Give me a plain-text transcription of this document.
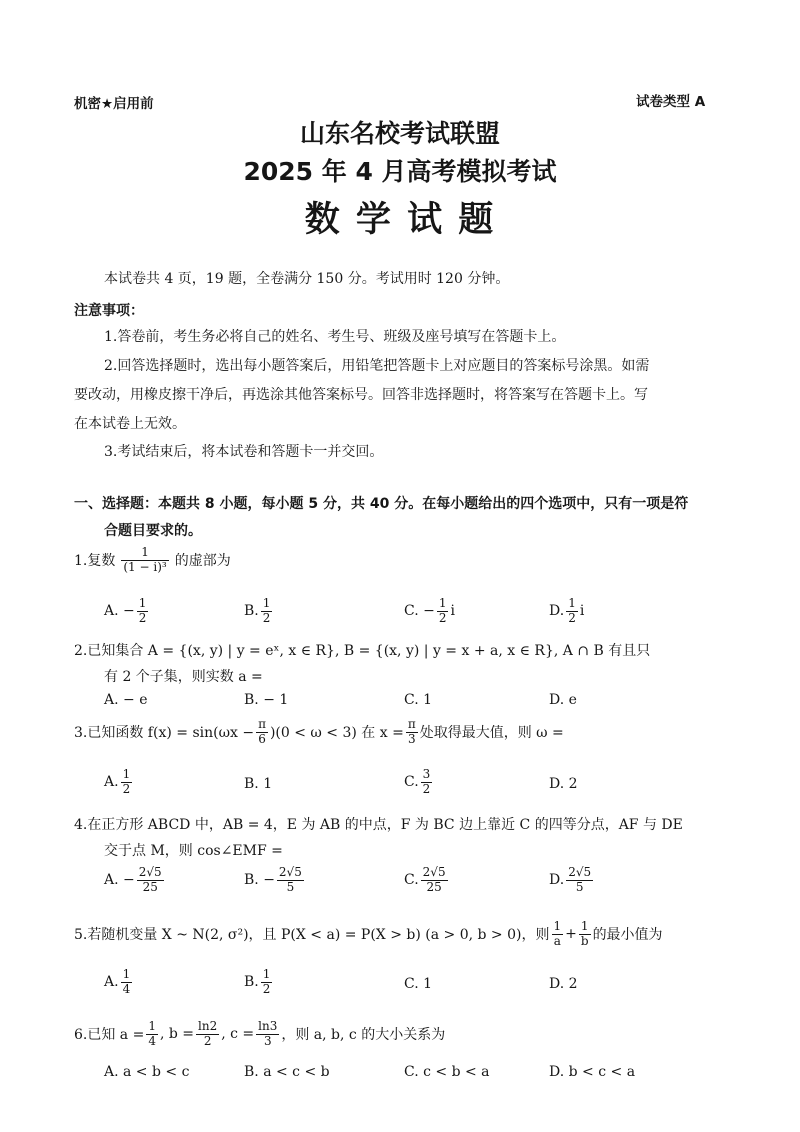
机密★启用前	试卷类型 A
山东名校考试联盟
2025 年 4 月高考模拟考试
数 学 试 题
本试卷共 4 页，19 题，全卷满分 150 分。考试用时 120 分钟。
注意事项：
1.答卷前，考生务必将自己的姓名、考生号、班级及座号填写在答题卡上。
2.回答选择题时，选出每小题答案后，用铅笔把答题卡上对应题目的答案标号涂黑。如需
要改动，用橡皮擦干净后，再选涂其他答案标号。回答非选择题时，将答案写在答题卡上。写
在本试卷上无效。
3.考试结束后，将本试卷和答题卡一并交回。
一、选择题：本题共 8 小题，每小题 5 分，共 40 分。在每小题给出的四个选项中，只有一项是符
合题目要求的。
1.复数 $\frac{1}{\text{(1 − i)³}}$ 的虚部为
A. − $\frac{1}{2}$	B. $\frac{1}{2}$	C. − $\frac{1}{2}$ i	D. $\frac{1}{2}$ i
2.已知集合 A = {(x, y) | y = eˣ, x ∈ R}, B = {(x, y) | y = x + a, x ∈ R}, A ∩ B 有且只
有 2 个子集，则实数 a =
A. − e	B. − 1	C. 1	D. e
3.已知函数 $f(x) = \sin(\omega x - \frac{\pi}{6} )(0 < \omega < 3)$ 在 $x = \frac{\pi}{3}$ 处取得最大值，则 ω =
A. $\frac{1}{2}$	B. 1	C. $\frac{3}{2}$	D. 2
4.在正方形 ABCD 中，AB = 4，E 为 AB 的中点，F 为 BC 边上靠近 C 的四等分点，AF 与 DE
交于点 M，则 cos∠EMF =
A. − $\frac{2√5}{25}$	B. − $\frac{2√5}{5}$	C. $\frac{2√5}{25}$	D. $\frac{2√5}{5}$
5.若随机变量 X ~ N(2, σ²)，且 P(X < a) = P(X > b) (a > 0, b > 0)，则
1
$a + \frac{1}{b}$ 的最小值为
A. $\frac{1}{4}$	B. $\frac{1}{2}$	C. 1	D. 2
6.已知 $a = \frac{1}{4}$ , $b = \frac{\ln 2}{2}$ , $c = \frac{\ln 3}{3}$ ，则 a, b, c 的大小关系为
A. a < b < c	B. a < c < b	C. c < b < a	D. b < c < a
